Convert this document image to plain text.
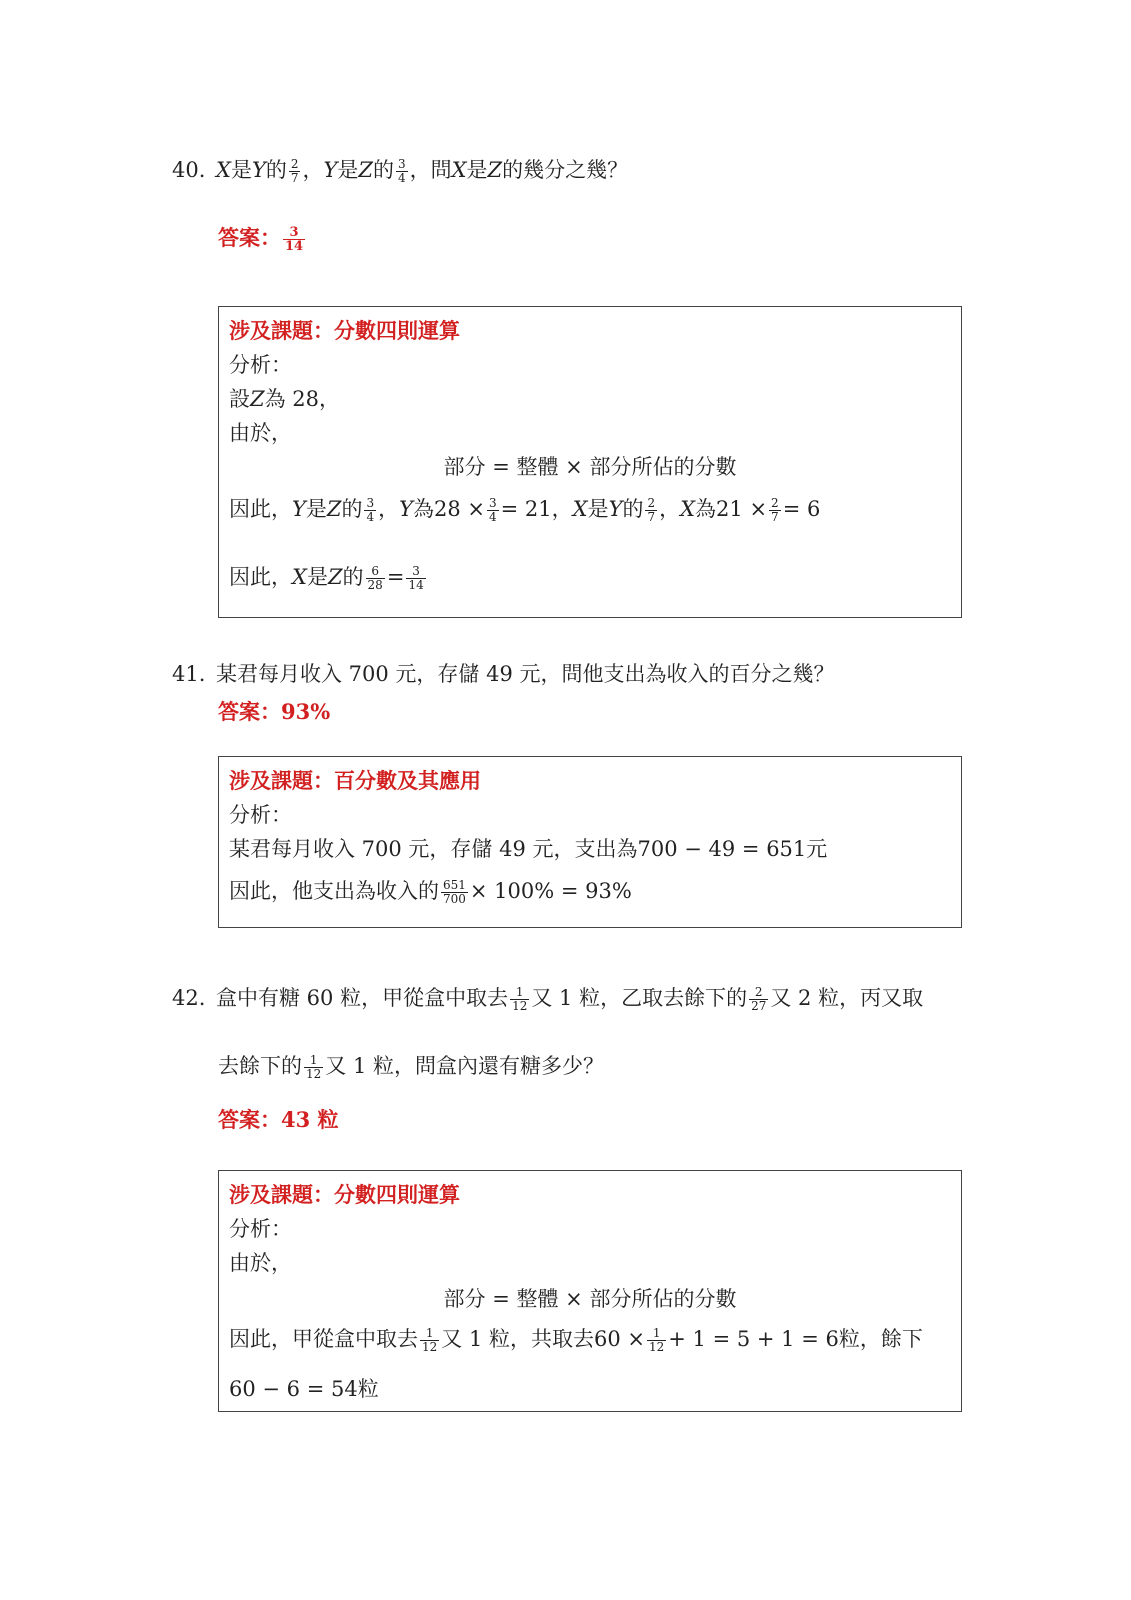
40. X是Y的 $\frac{2}{7}$ ，Y是Z的 $\frac{3}{4}$ ，問X是Z的幾分之幾？
答案： $\frac{3}{14}$
涉及課題：分數四則運算
分析：
設Z為 28，
由於，
部分 = 整體 × 部分所佔的分數
因此，Y是Z的 $\frac{3}{4}$ ，Y為$28 \times \frac{3}{4} = 21$，X是Y的 $\frac{2}{7}$ ，X為$21 \times \frac{2}{7} = 6$
因此，X是Z的 $\frac{6}{28} = \frac{3}{14}$
41. 某君每月收入 700 元，存儲 49 元，問他支出為收入的百分之幾？
答案：93%
涉及課題：百分數及其應用
分析：
某君每月收入 700 元，存儲 49 元，支出為700 − 49 = 651元
因此，他支出為收入的 $\frac{651}{700} \times 100\% = 93\%$
42. 盒中有糖 60 粒，甲從盒中取去 $\frac{1}{12}$ 又 1 粒，乙取去餘下的 $\frac{2}{27}$ 又 2 粒，丙又取
去餘下的 $\frac{1}{12}$ 又 1 粒，問盒內還有糖多少？
答案：43 粒
涉及課題：分數四則運算
分析：
由於，
部分 = 整體 × 部分所佔的分數
因此，甲從盒中取去 $\frac{1}{12}$ 又 1 粒，共取去$60 \times \frac{1}{12} + 1 = 5 + 1 = 6$粒，餘下
60 − 6 = 54粒
